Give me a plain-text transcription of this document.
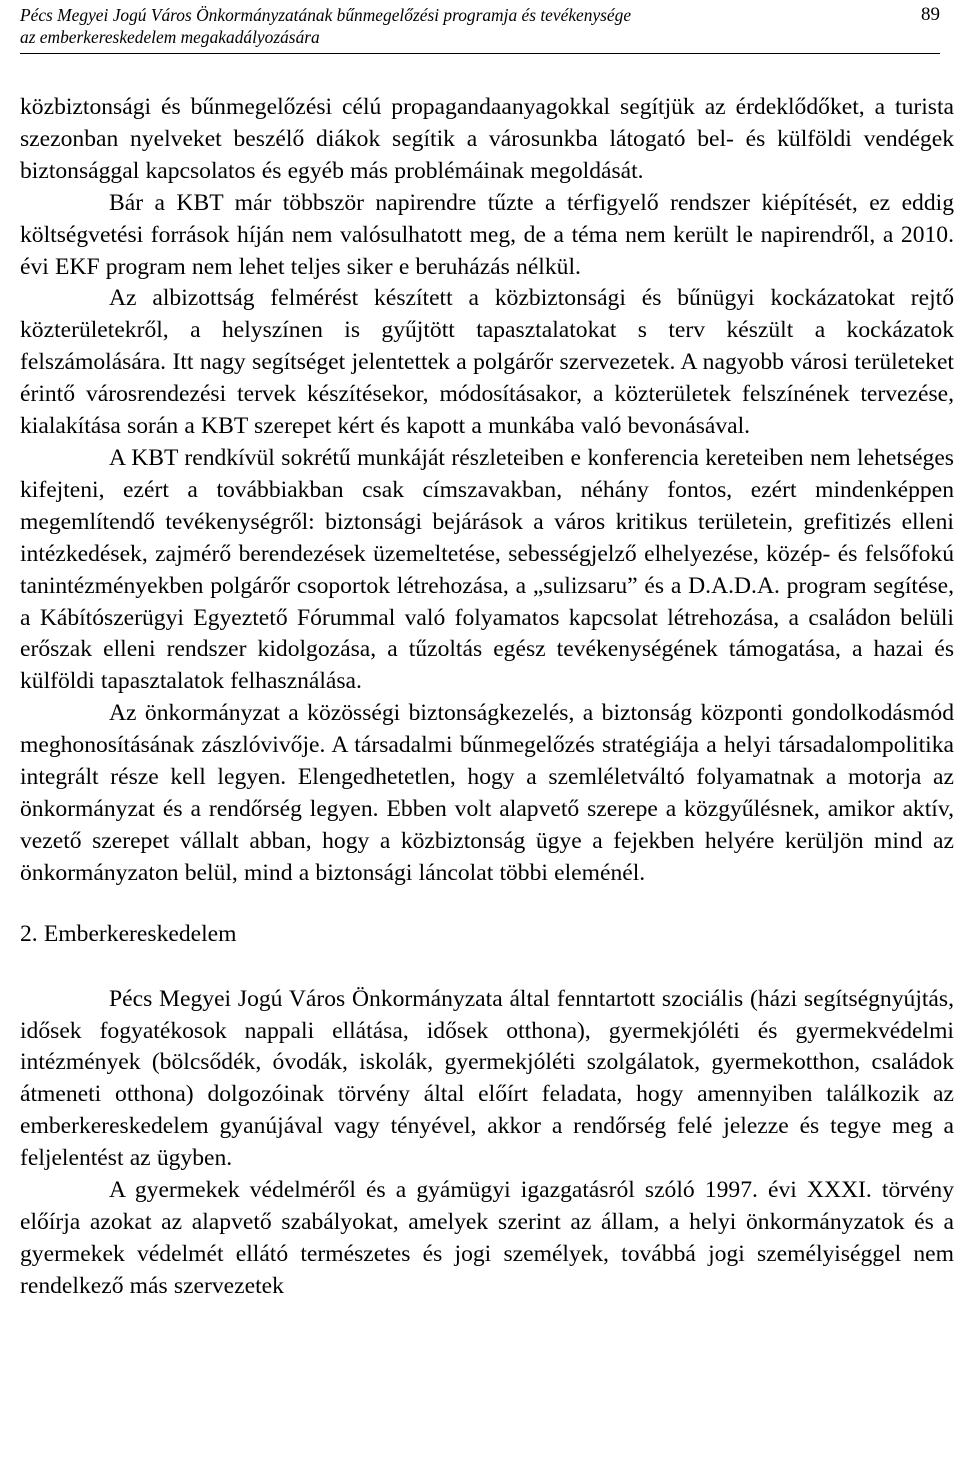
Pécs Megyei Jogú Város Önkormányzatának bűnmegelőzési programja és tevékenysége
az emberkereskedelem megakadályozására
89

közbiztonsági és bűnmegelőzési célú propagandaanyagokkal segítjük az érdeklődőket, a turista szezonban nyelveket beszélő diákok segítik a városunkba látogató bel- és külföldi vendégek biztonsággal kapcsolatos és egyéb más problémáinak megoldását.

Bár a KBT már többször napirendre tűzte a térfigyelő rendszer kiépítését, ez eddig költségvetési források híján nem valósulhatott meg, de a téma nem került le napirendről, a 2010. évi EKF program nem lehet teljes siker e beruházás nélkül.

Az albizottság felmérést készített a közbiztonsági és bűnügyi kockázatokat rejtő közterületekről, a helyszínen is gyűjtött tapasztalatokat s terv készült a kockázatok felszámolására. Itt nagy segítséget jelentettek a polgárőr szervezetek. A nagyobb városi területeket érintő városrendezési tervek készítésekor, módosításakor, a közterületek felszínének tervezése, kialakítása során a KBT szerepet kért és kapott a munkába való bevonásával.

A KBT rendkívül sokrétű munkáját részleteiben e konferencia kereteiben nem lehetséges kifejteni, ezért a továbbiakban csak címszavakban, néhány fontos, ezért mindenképpen megemlítendő tevékenységről: biztonsági bejárások a város kritikus területein, grefitizés elleni intézkedések, zajmérő berendezések üzemeltetése, sebességjelző elhelyezése, közép- és felsőfokú tanintézményekben polgárőr csoportok létrehozása, a „sulizsaru” és a D.A.D.A. program segítése, a Kábítószerügyi Egyeztető Fórummal való folyamatos kapcsolat létrehozása, a családon belüli erőszak elleni rendszer kidolgozása, a tűzoltás egész tevékenységének támogatása, a hazai és külföldi tapasztalatok felhasználása.

Az önkormányzat a közösségi biztonságkezelés, a biztonság központi gondolkodásmód meghonosításának zászlóvivője. A társadalmi bűnmegelőzés stratégiája a helyi társadalompolitika integrált része kell legyen. Elengedhetetlen, hogy a szemléletváltó folyamatnak a motorja az önkormányzat és a rendőrség legyen. Ebben volt alapvető szerepe a közgyűlésnek, amikor aktív, vezető szerepet vállalt abban, hogy a közbiztonság ügye a fejekben helyére kerüljön mind az önkormányzaton belül, mind a biztonsági láncolat többi eleménél.

2. Emberkereskedelem

Pécs Megyei Jogú Város Önkormányzata által fenntartott szociális (házi segítségnyújtás, idősek fogyatékosok nappali ellátása, idősek otthona), gyermekjóléti és gyermekvédelmi intézmények (bölcsődék, óvodák, iskolák, gyermekjóléti szolgálatok, gyermekotthon, családok átmeneti otthona) dolgozóinak törvény által előírt feladata, hogy amennyiben találkozik az emberkereskedelem gyanújával vagy tényével, akkor a rendőrség felé jelezze és tegye meg a feljelentést az ügyben.

A gyermekek védelméről és a gyámügyi igazgatásról szóló 1997. évi XXXI. törvény előírja azokat az alapvető szabályokat, amelyek szerint az állam, a helyi önkormányzatok és a gyermekek védelmét ellátó természetes és jogi személyek, továbbá jogi személyiséggel nem rendelkező más szervezetek
